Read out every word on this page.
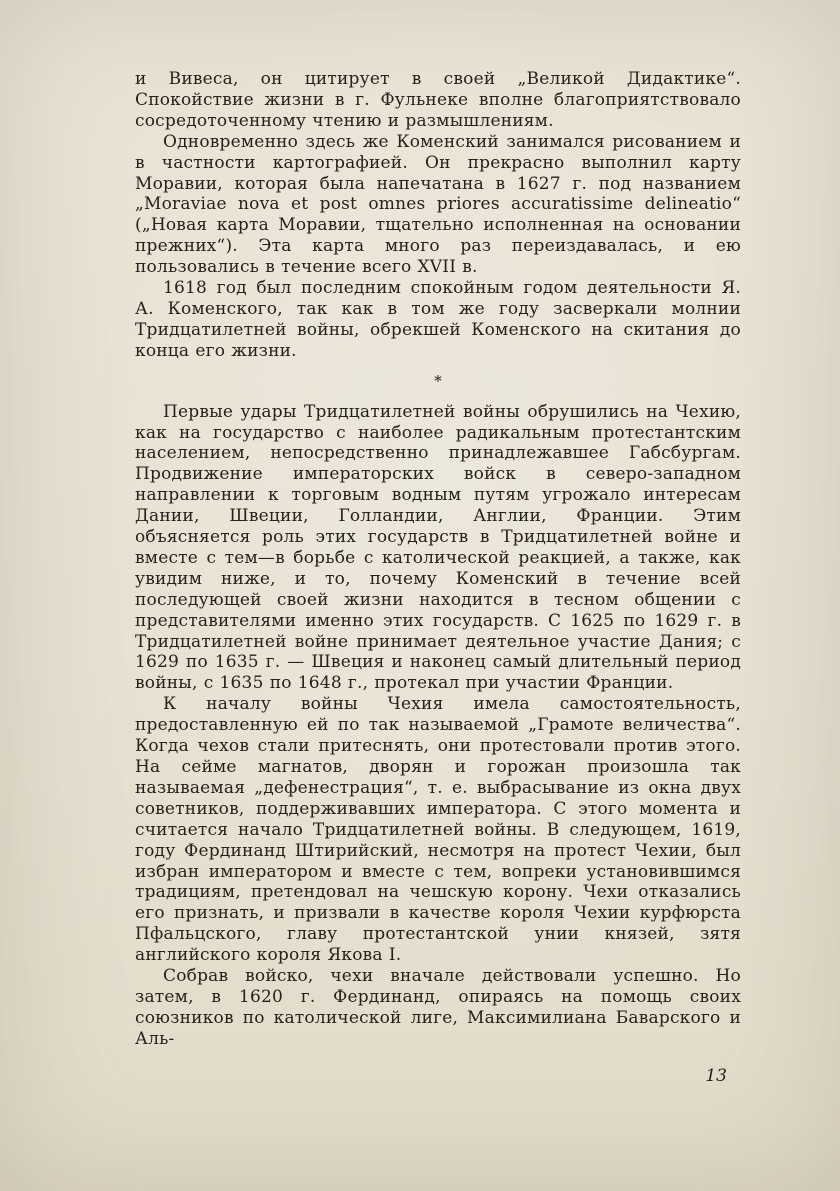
и Вивеса, он цитирует в своей „Великой Дидактике“. Спокойствие жизни в г. Фульнеке вполне благоприятствовало сосредоточенному чтению и размышлениям.

Одновременно здесь же Коменский занимался рисованием и в частности картографией. Он прекрасно выполнил карту Моравии, которая была напечатана в 1627 г. под названием „Moraviae nova et post omnes priores accuratissime delineatio“ („Новая карта Моравии, тщательно исполненная на основании прежних“). Эта карта много раз переиздавалась, и ею пользовались в течение всего XVII в.

1618 год был последним спокойным годом деятельности Я. А. Коменского, так как в том же году засверкали молнии Тридцатилетней войны, обрекшей Коменского на скитания до конца его жизни.

*

Первые удары Тридцатилетней войны обрушились на Чехию, как на государство с наиболее радикальным протестантским населением, непосредственно принадлежавшее Габсбургам. Продвижение императорских войск в северо-западном направлении к торговым водным путям угрожало интересам Дании, Швеции, Голландии, Англии, Франции. Этим объясняется роль этих государств в Тридцатилетней войне и вместе с тем—в борьбе с католической реакцией, а также, как увидим ниже, и то, почему Коменский в течение всей последующей своей жизни находится в тесном общении с представителями именно этих государств. С 1625 по 1629 г. в Тридцатилетней войне принимает деятельное участие Дания; с 1629 по 1635 г. — Швеция и наконец самый длительный период войны, с 1635 по 1648 г., протекал при участии Франции.

К началу войны Чехия имела самостоятельность, предоставленную ей по так называемой „Грамоте величества“. Когда чехов стали притеснять, они протестовали против этого. На сейме магнатов, дворян и горожан произошла так называемая „дефенестрация“, т. е. выбрасывание из окна двух советников, поддерживавших императора. С этого момента и считается начало Тридцатилетней войны. В следующем, 1619, году Фердинанд Штирийский, несмотря на протест Чехии, был избран императором и вместе с тем, вопреки установившимся традициям, претендовал на чешскую корону. Чехи отказались его признать, и призвали в качестве короля Чехии курфюрста Пфальцского, главу протестантской унии князей, зятя английского короля Якова I.

Собрав войско, чехи вначале действовали успешно. Но затем, в 1620 г. Фердинанд, опираясь на помощь своих союзников по католической лиге, Максимилиана Баварского и Аль-

13
